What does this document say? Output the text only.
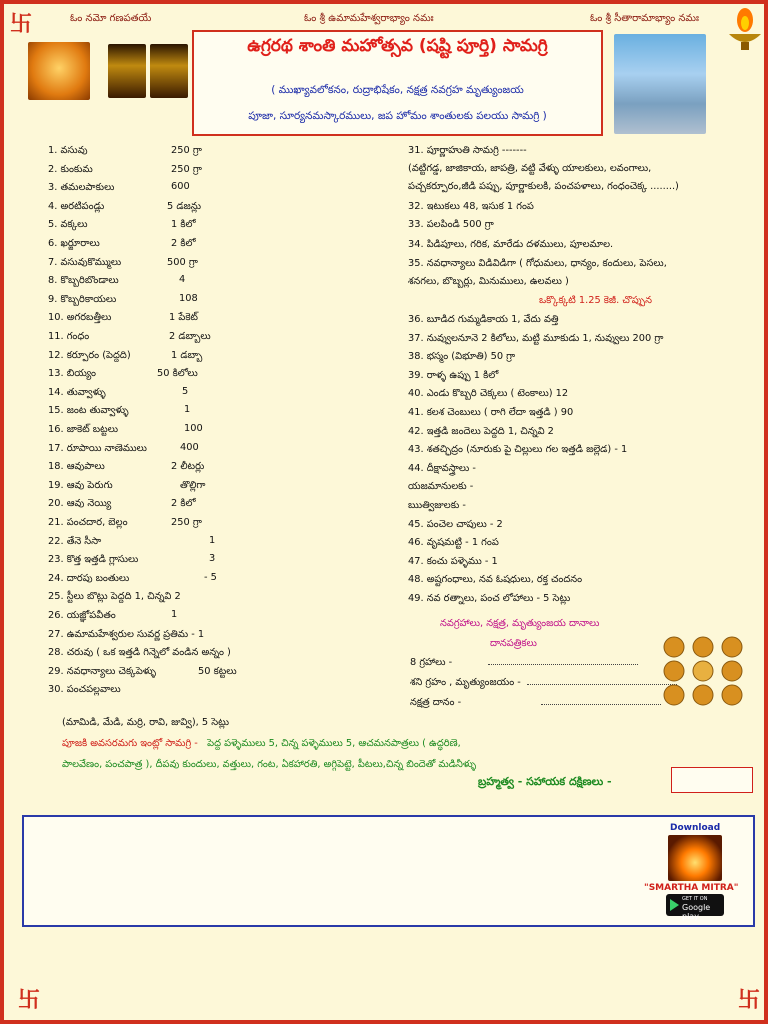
卐
卐	卐
ఓం నమో గణపతయే	ఓం శ్రీ ఉమామహేశ్వరాభ్యాం నమః	ఓం శ్రీ సీతారామాభ్యాం నమః
ఉగ్రరథ శాంతి మహోత్సవ (షష్టి పూర్తి) సామగ్రి
( ముఖ్యావలోకనం, రుద్రాభిషేకం, నక్షత్ర నవగ్రహ మృత్యుంజయ
పూజా, సూర్యనమస్కారములు, జప హోమం శాంతులకు పలయు సామగ్రి )
1. వసువు	250 గ్రా
2. కుంకుమ	250 గ్రా
3. తమలపాకులు	600
4. అరటిపండ్లు	5 డజన్లు
5. వక్కలు	1 కిలో
6. ఖర్జూరాలు	2 కిలో
7. వసువుకొమ్ములు	500 గ్రా
8. కొబ్బరిబొండాలు	4
9. కొబ్బరికాయలు	108
10. అగరబత్తీలు	1 పేకెట్
11. గంధం	2 డబ్బాలు
12. కర్పూరం (పెద్దది)	1 డబ్బా
13. బియ్యం	50 కిలోలు
14. తువ్వాళ్ళు	5
15. జంట తువ్వాళ్ళు	1
16. జాకెట్ బట్టలు	100
17. రూపాయి నాణెములు	400
18. ఆవుపాలు	2 లీటర్లు
19. ఆవు పెరుగు	తొల్లిగా
20. ఆవు నెయ్యి	2 కిలో
21. పంచదార, బెల్లం	250 గ్రా
22. తేనె సీసా	1
23. కొత్త ఇత్తడి గ్లాసులు	3
24. దారపు బంతులు	- 5
25. స్టీలు బొట్లు పెద్దది 1, చిన్నవి 2
26. యజ్ఞోపవీతం	1
27. ఉమామహేశ్వరుల సువర్ణ ప్రతిమ - 1
28. చరువు ( ఒక ఇత్తడి గిన్నెలో వండిన అన్నం )
29. నవధాన్యాలు చెక్కపెళ్ళు	50 కట్టలు
30. పంచపల్లవాలు
(మామిడి, మేడి, మర్రి, రావి, జువ్వి), 5 సెట్లు
31. పూర్ణాహుతి సామగ్రి -------
(వట్టిగడ్డ, జాజికాయ, జాపత్రి, వట్టి వేళ్ళు యాలకులు, లవంగాలు,
పచ్చకర్పూరం,జీడి పప్పు, పూర్ణాకులకి, పంచపళాలు, గంధంచెక్క ........)
32. ఇటుకలు 48, ఇసుక 1 గంప
33. పలపిండి 500 గ్రా
34. పిడిపూలు, గరిక, మారేడు దళములు, పూలమాల.
35. నవధాన్యాలు విడివిడిగా ( గోధుమలు, ధాన్యం, కందులు, పెసలు,
శనగలు, బొబ్బర్లు, మినుములు, ఉలవలు )
ఒక్కొక్కటి 1.25 కెజీ. చొప్పున
36. బూడిద గుమ్మడికాయ 1, వేదు వత్తి
37. నువ్వులనూనె 2 కిలోలు, మట్టి మూకుడు 1, నువ్వులు 200 గ్రా
38. భస్మం (విభూతి) 50 గ్రా
39. రాళ్ళ ఉప్పు 1 కిలో
40. ఎండు కొబ్బరి చెక్కలు ( టెంకాలు) 12
41. కలశ చెంబులు ( రాగి లేదా ఇత్తడి ) 90
42. ఇత్తడి జందెలు పెద్దది 1, చిన్నవి 2
43. శతచ్ఛిద్రం (నూరుకు పై చిల్లులు గల ఇత్తడి జల్లెడ) - 1
44. దీక్షావస్త్రాలు -
యజమానులకు -
ఋత్విజులకు -
45. పంచెల చాపులు - 2
46. వృషమట్టి - 1 గంప
47. కంచు పళ్ళెము - 1
48. అష్టగంధాలు, నవ ఓషధులు, రక్త చందనం
49. నవ రత్నాలు, పంచ లోహాలు - 5 సెట్లు
నవగ్రహాలు, నక్షత్ర, మృత్యుంజయ దానాలు
దానపత్రికలు
8 గ్రహాలు -
శని గ్రహం , మృత్యుంజయం -
నక్షత్ర దానం -
పూజకి అవసరమగు ఇంట్లో సామగ్రి - పెద్ద పళ్ళెములు 5, చిన్న పళ్ళెములు 5, ఆచమనపాత్రలు ( ఉద్ధరిణె,
పాలవేణం, పంచపాత్ర ), దీపవు కుందులు, వత్తులు, గంట, ఏకహారతి, అగ్గిపెట్టె, పీటలు,చిన్న బిందెతో మడినీళ్ళు
బ్రహ్మత్వ - సహాయక దక్షిణలు -
Download
"SMARTHA MITRA"
GET IT ON
Google play
